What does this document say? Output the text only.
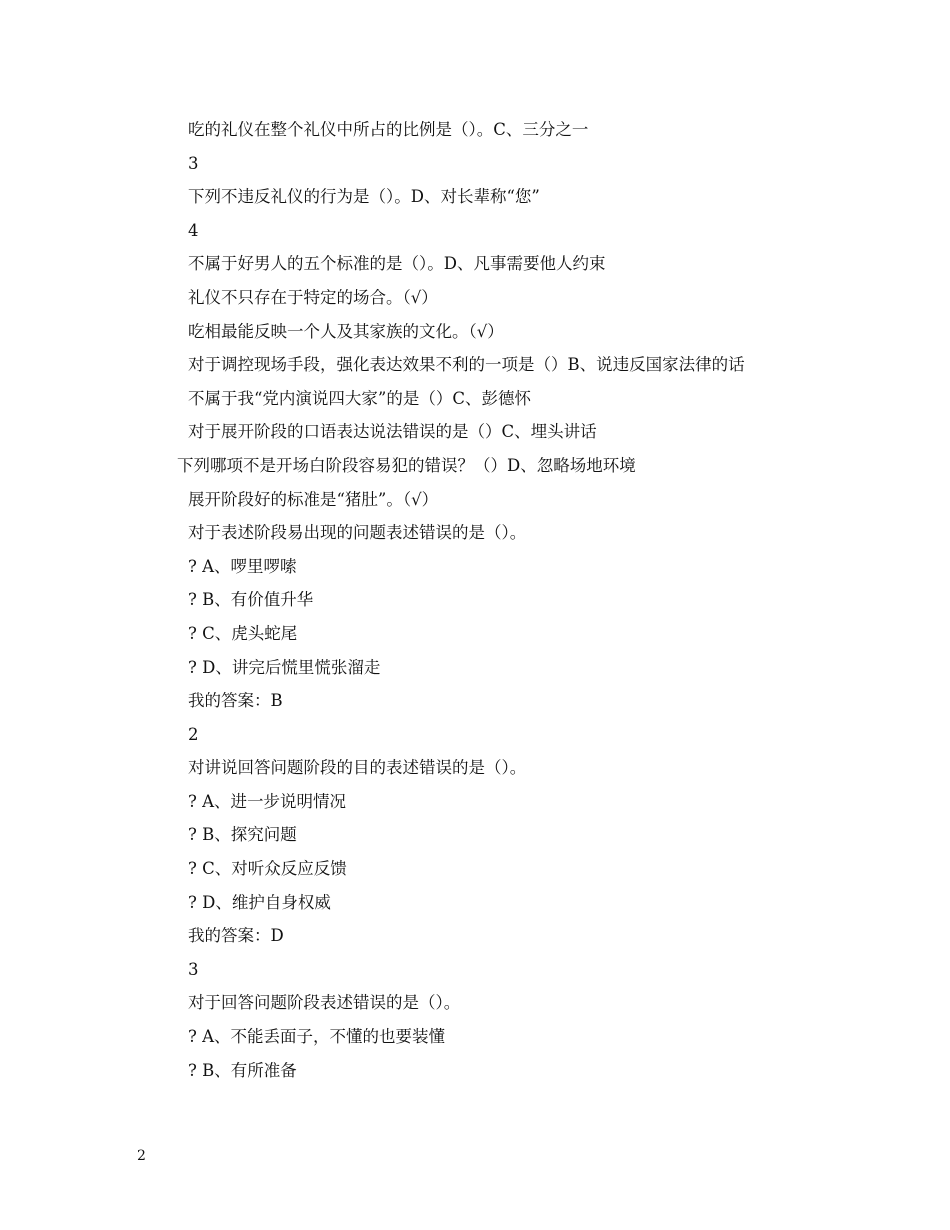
吃的礼仪在整个礼仪中所占的比例是（）。C、三分之一
3
下列不违反礼仪的行为是（）。D、对长辈称“您”
4
不属于好男人的五个标准的是（）。D、凡事需要他人约束
礼仪不只存在于特定的场合。（√）
吃相最能反映一个人及其家族的文化。（√）
对于调控现场手段，强化表达效果不利的一项是（）B、说违反国家法律的话
不属于我“党内演说四大家”的是（）C、彭德怀
对于展开阶段的口语表达说法错误的是（）C、埋头讲话
下列哪项不是开场白阶段容易犯的错误？（）D、忽略场地环境
展开阶段好的标准是“猪肚”。（√）
对于表述阶段易出现的问题表述错误的是（）。
? A、啰里啰嗦
? B、有价值升华
? C、虎头蛇尾
? D、讲完后慌里慌张溜走
我的答案：B
2
对讲说回答问题阶段的目的表述错误的是（）。
? A、进一步说明情况
? B、探究问题
? C、对听众反应反馈
? D、维护自身权威
我的答案：D
3
对于回答问题阶段表述错误的是（）。
? A、不能丢面子，不懂的也要装懂
? B、有所准备
2
